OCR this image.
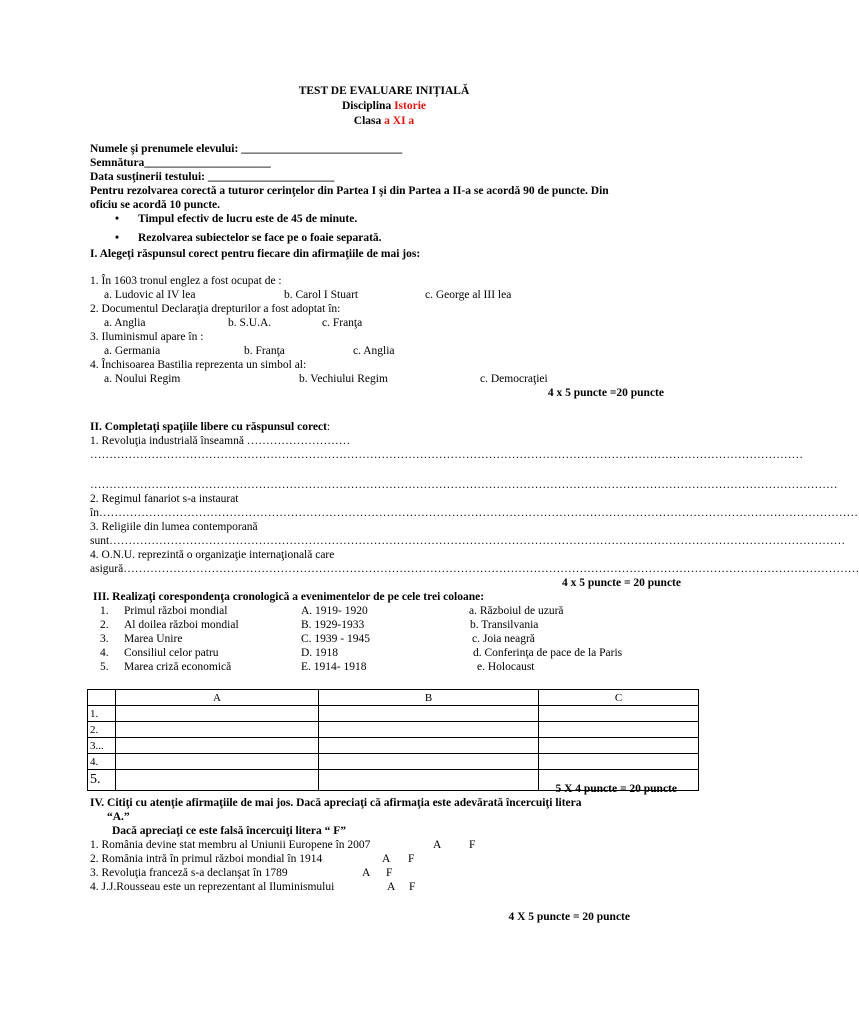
TEST DE EVALUARE INIȚIALĂ
Disciplina Istorie
Clasa a XI a
Numele şi prenumele elevului: ____________________________
Semnătura______________________
Data susţinerii testului: ______________________
Pentru rezolvarea corectă a tuturor cerinţelor din Partea I şi din Partea a II-a se acordă 90 de puncte. Din
oficiu se acordă 10 puncte.
• Timpul efectiv de lucru este de 45 de minute.
• Rezolvarea subiectelor se face pe o foaie separată.
I. Alegeţi răspunsul corect pentru fiecare din afirmaţiile de mai jos:
1. În 1603 tronul englez a fost ocupat de :
a. Ludovic al IV lea	b. Carol I Stuart	c. George al III lea
2. Documentul Declaraţia drepturilor a fost adoptat în:
a. Anglia	b. S.U.A.	c. Franţa
3. Iluminismul apare în :
a. Germania	b. Franţa	c. Anglia
4. Închisoarea Bastilia reprezenta un simbol al:
a. Noului Regim	b. Vechiului Regim	c. Democraţiei
4 x 5 puncte =20 puncte
II. Completaţi spaţiile libere cu răspunsul corect:
1. Revoluţia industrială înseamnă ………………………
……………………………………………………………………………………………………………………………………………………………………
……………………………………………………………………………………………………………………………………………………………………………
2. Regimul fanariot s-a instaurat
în………………………………………………………………………………………………………………………………………………………………………………
3. Religiile din lumea contemporană
sunt…………………………………………………………………………………………………………………………………………………………………………
4. O.N.U. reprezintă o organizaţie internaţională care
asigură…………………………………………………………………………………………………………………………………………………………………………
4 x 5 puncte = 20 puncte
III. Realizaţi corespondenţa cronologică a evenimentelor de pe cele trei coloane:
1. Primul război mondial	A. 1919- 1920	a. Războiul de uzură
2. Al doilea război mondial	B. 1929-1933	b. Transilvania
3. Marea Unire	C. 1939 - 1945	c. Joia neagră
4. Consiliul celor patru	D. 1918	d. Conferinţa de pace de la Paris
5. Marea criză economică	E. 1914- 1918	e. Holocaust
	A	B	C
1.			
2.			
3...			
4.			
5.			
5 X 4 puncte = 20 puncte
IV. Citiţi cu atenţie afirmaţiile de mai jos. Dacă apreciaţi că afirmaţia este adevărată încercuiţi litera
“A.”
Dacă apreciaţi ce este falsă încercuiţi litera “ F”
1. România devine stat membru al Uniunii Europene în 2007	A F
2. România intră în primul război mondial în 1914	A F
3. Revoluţia franceză s-a declanşat în 1789	A F
4. J.J.Rousseau este un reprezentant al Iluminismului	A F
4 X 5 puncte = 20 puncte
